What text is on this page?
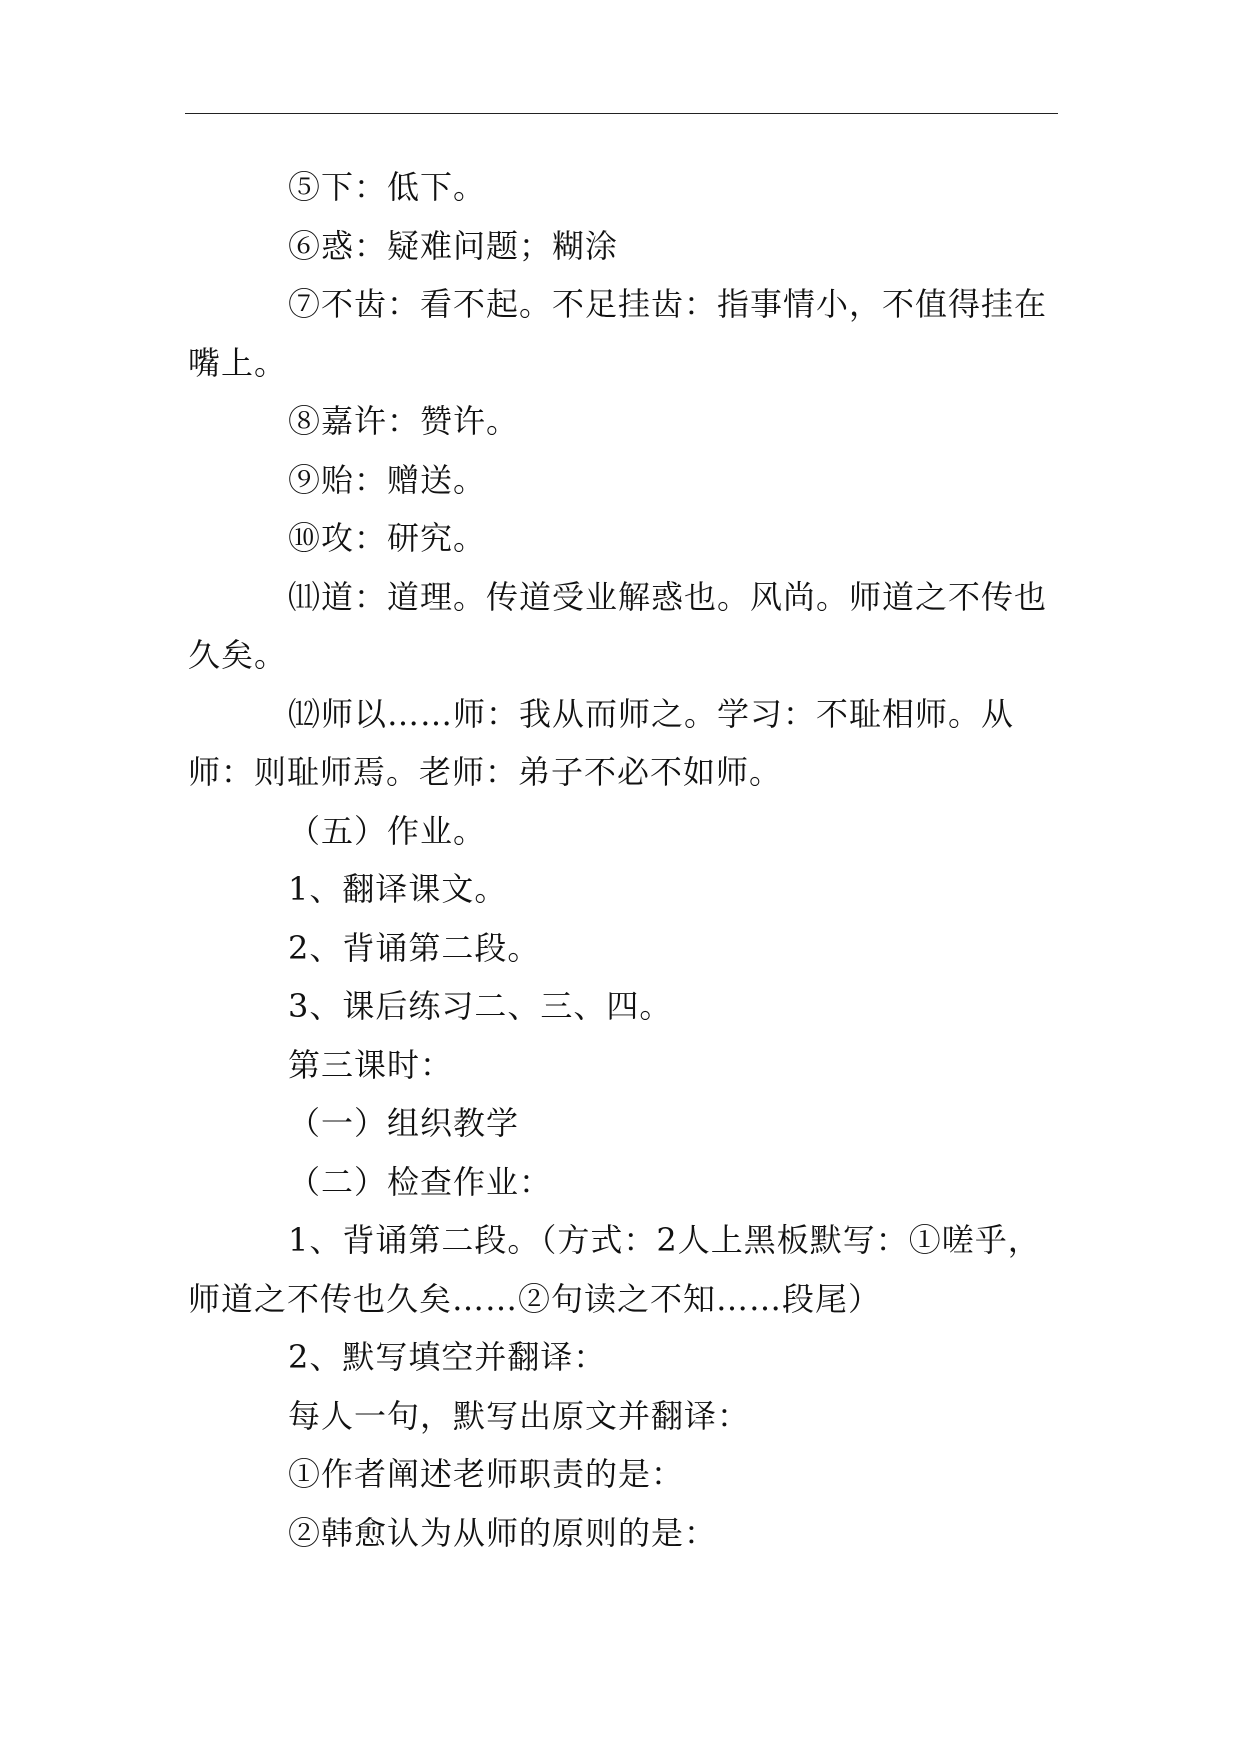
⑤下：低下。

⑥惑：疑难问题；糊涂

⑦不齿：看不起。不足挂齿：指事情小，不值得挂在嘴上。

⑧嘉许：赞许。

⑨贻：赠送。

⑩攻：研究。

⑾道：道理。传道受业解惑也。风尚。师道之不传也久矣。

⑿师以……师：我从而师之。学习：不耻相师。从师：则耻师焉。老师：弟子不必不如师。

（五）作业。

1、翻译课文。

2、背诵第二段。

3、课后练习二、三、四。

第三课时：

（一）组织教学

（二）检查作业：

1、背诵第二段。（方式：2人上黑板默写：①嗟乎，师道之不传也久矣……②句读之不知……段尾）

2、默写填空并翻译：

每人一句，默写出原文并翻译：

①作者阐述老师职责的是：

②韩愈认为从师的原则的是：
